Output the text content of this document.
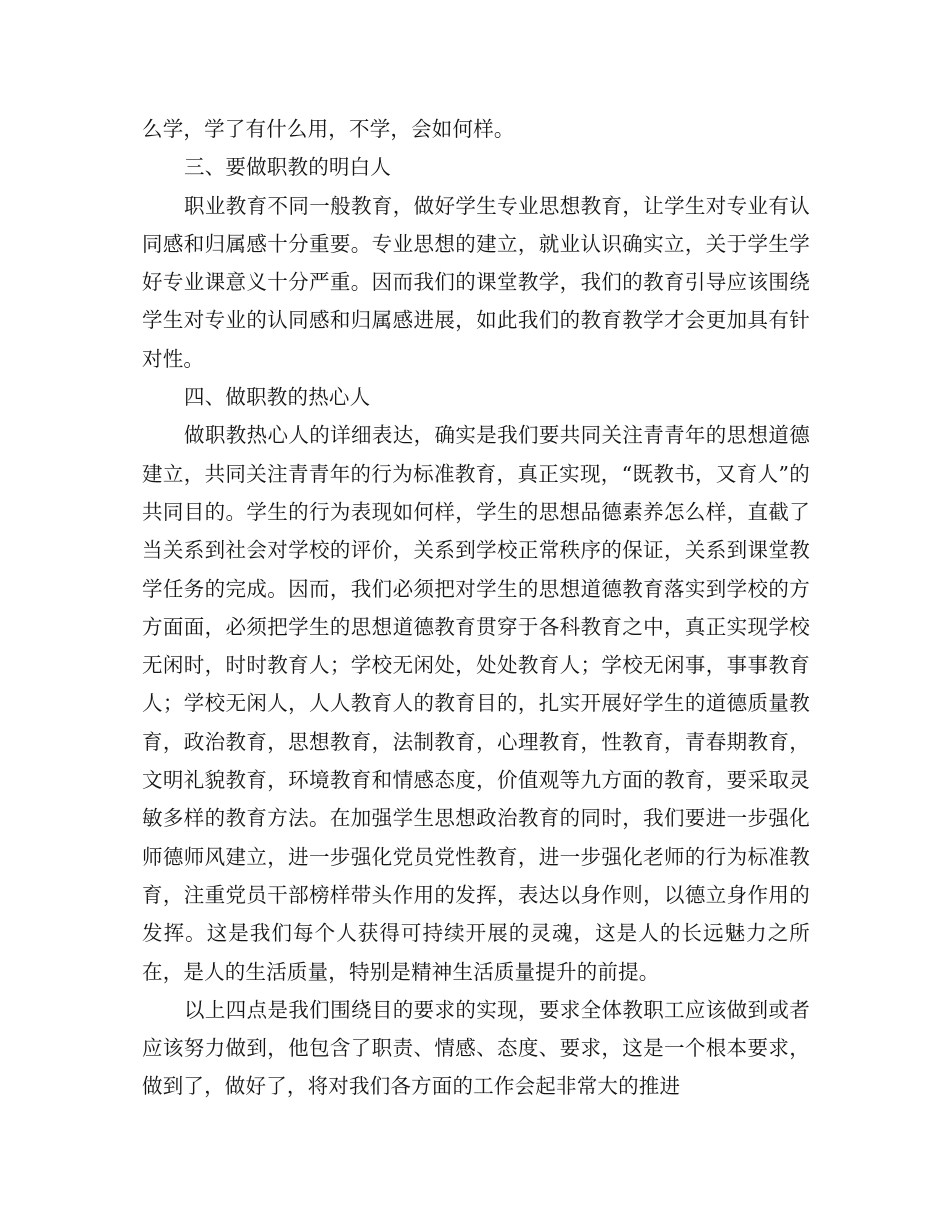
么学，学了有什么用，不学，会如何样。

三、要做职教的明白人

职业教育不同一般教育，做好学生专业思想教育，让学生对专业有认同感和归属感十分重要。专业思想的建立，就业认识确实立，关于学生学好专业课意义十分严重。因而我们的课堂教学，我们的教育引导应该围绕学生对专业的认同感和归属感进展，如此我们的教育教学才会更加具有针对性。

四、做职教的热心人

做职教热心人的详细表达，确实是我们要共同关注青青年的思想道德建立，共同关注青青年的行为标准教育，真正实现，“既教书，又育人”的共同目的。学生的行为表现如何样，学生的思想品德素养怎么样，直截了当关系到社会对学校的评价，关系到学校正常秩序的保证，关系到课堂教学任务的完成。因而，我们必须把对学生的思想道德教育落实到学校的方方面面，必须把学生的思想道德教育贯穿于各科教育之中，真正实现学校无闲时，时时教育人；学校无闲处，处处教育人；学校无闲事，事事教育人；学校无闲人，人人教育人的教育目的，扎实开展好学生的道德质量教育，政治教育，思想教育，法制教育，心理教育，性教育，青春期教育，文明礼貌教育，环境教育和情感态度，价值观等九方面的教育，要采取灵敏多样的教育方法。在加强学生思想政治教育的同时，我们要进一步强化师德师风建立，进一步强化党员党性教育，进一步强化老师的行为标准教育，注重党员干部榜样带头作用的发挥，表达以身作则，以德立身作用的发挥。这是我们每个人获得可持续开展的灵魂，这是人的长远魅力之所在，是人的生活质量，特别是精神生活质量提升的前提。

以上四点是我们围绕目的要求的实现，要求全体教职工应该做到或者应该努力做到，他包含了职责、情感、态度、要求，这是一个根本要求，做到了，做好了，将对我们各方面的工作会起非常大的推进
